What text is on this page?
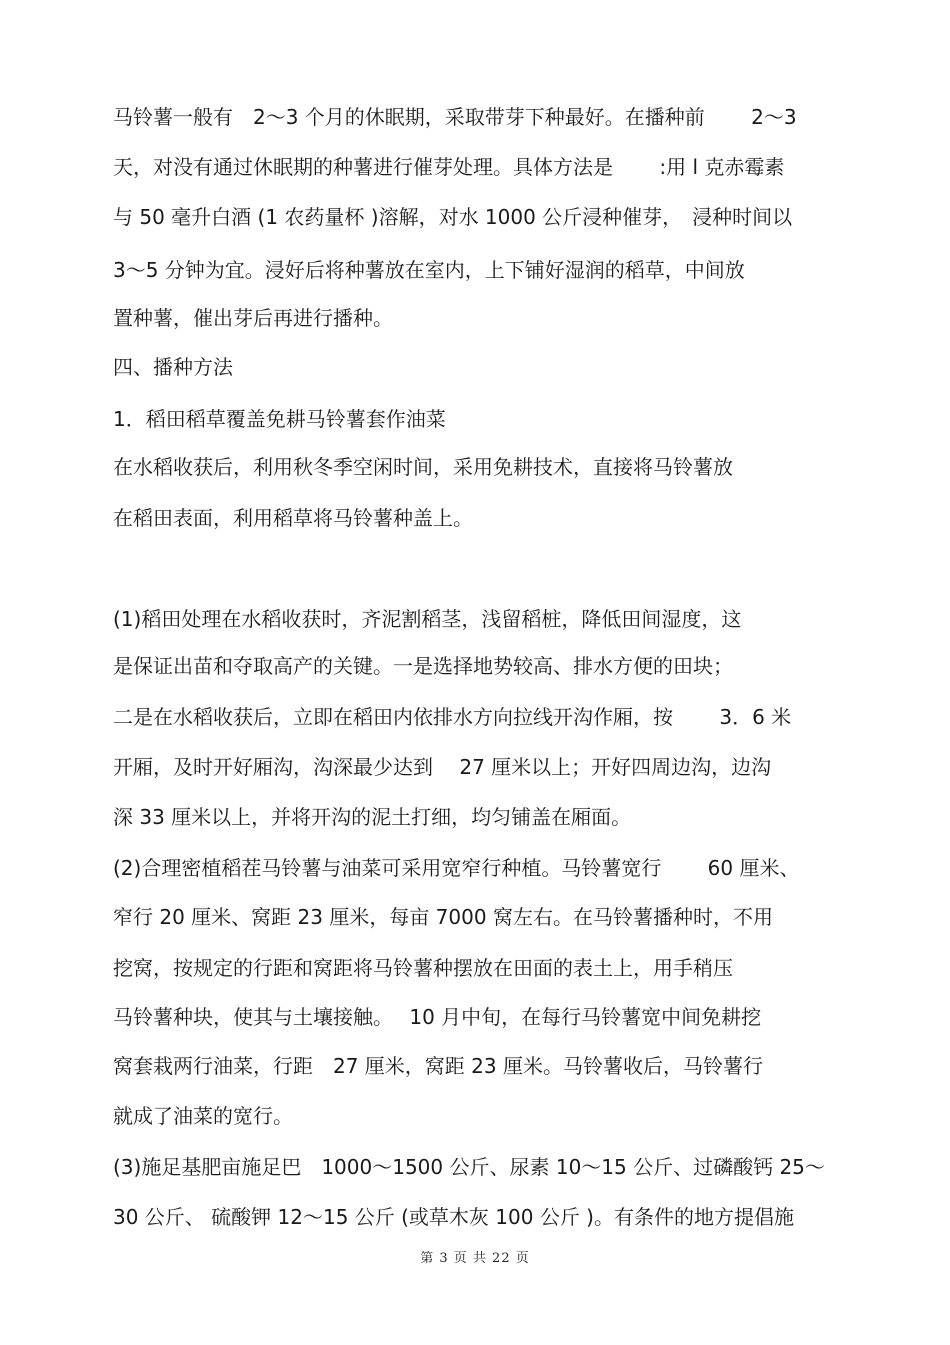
马铃薯一般有　2～3 个月的休眠期，采取带芽下种最好。在播种前　　 2～3
天，对没有通过休眠期的种薯进行催芽处理。具体方法是　　 :用 l 克赤霉素
与 50 毫升白酒 (1 农药量杯 )溶解，对水 1000 公斤浸种催芽，　浸种时间以
3～5 分钟为宜。浸好后将种薯放在室内，上下铺好湿润的稻草，中间放
置种薯，催出芽后再进行播种。
四、播种方法
1．稻田稻草覆盖免耕马铃薯套作油菜
在水稻收获后，利用秋冬季空闲时间，采用免耕技术，直接将马铃薯放
在稻田表面，利用稻草将马铃薯种盖上。
(1)稻田处理在水稻收获时，齐泥割稻茎，浅留稻桩，降低田间湿度，这
是保证出苗和夺取高产的关键。一是选择地势较高、排水方便的田块；
二是在水稻收获后，立即在稻田内依排水方向拉线开沟作厢，按　　 3．6 米
开厢，及时开好厢沟，沟深最少达到　 27 厘米以上；开好四周边沟，边沟
深 33 厘米以上，并将开沟的泥土打细，均匀铺盖在厢面。
(2)合理密植稻茬马铃薯与油菜可采用宽窄行种植。马铃薯宽行　　 60 厘米、
窄行 20 厘米、窝距 23 厘米，每亩 7000 窝左右。在马铃薯播种时，不用
挖窝，按规定的行距和窝距将马铃薯种摆放在田面的表土上，用手稍压
马铃薯种块，使其与土壤接触。　 10 月中旬，在每行马铃薯宽中间免耕挖
窝套栽两行油菜，行距　27 厘米，窝距 23 厘米。马铃薯收后，马铃薯行
就成了油菜的宽行。
(3)施足基肥亩施足巴　1000～1500 公斤、尿素 10～15 公斤、过磷酸钙 25～
30 公斤、 硫酸钾 12～15 公斤 (或草木灰 100 公斤 )。有条件的地方提倡施
第 3 页 共 22 页
